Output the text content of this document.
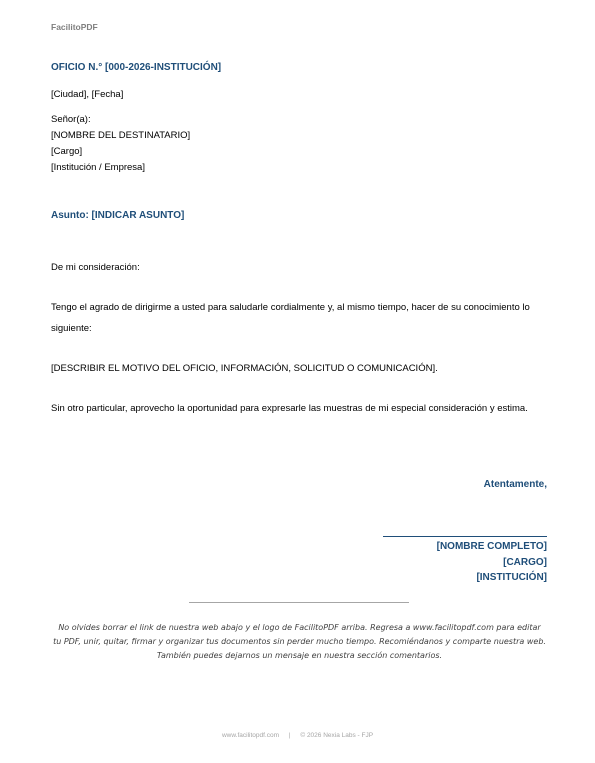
FacilitoPDF
OFICIO N.° [000-2026-INSTITUCIÓN]
[Ciudad], [Fecha]
Señor(a):
[NOMBRE DEL DESTINATARIO]
[Cargo]
[Institución / Empresa]
Asunto: [INDICAR ASUNTO]
De mi consideración:
Tengo el agrado de dirigirme a usted para saludarle cordialmente y, al mismo tiempo, hacer de su conocimiento lo siguiente:
[DESCRIBIR EL MOTIVO DEL OFICIO, INFORMACIÓN, SOLICITUD O COMUNICACIÓN].
Sin otro particular, aprovecho la oportunidad para expresarle las muestras de mi especial consideración y estima.
Atentamente,
[NOMBRE COMPLETO]
[CARGO]
[INSTITUCIÓN]
No olvides borrar el link de nuestra web abajo y el logo de FacilitoPDF arriba. Regresa a www.facilitopdf.com para editar
tu PDF, unir, quitar, firmar y organizar tus documentos sin perder mucho tiempo. Recomiéndanos y comparte nuestra web.
También puedes dejarnos un mensaje en nuestra sección comentarios.
www.facilitopdf.com | © 2026 Nexia Labs - FJP
